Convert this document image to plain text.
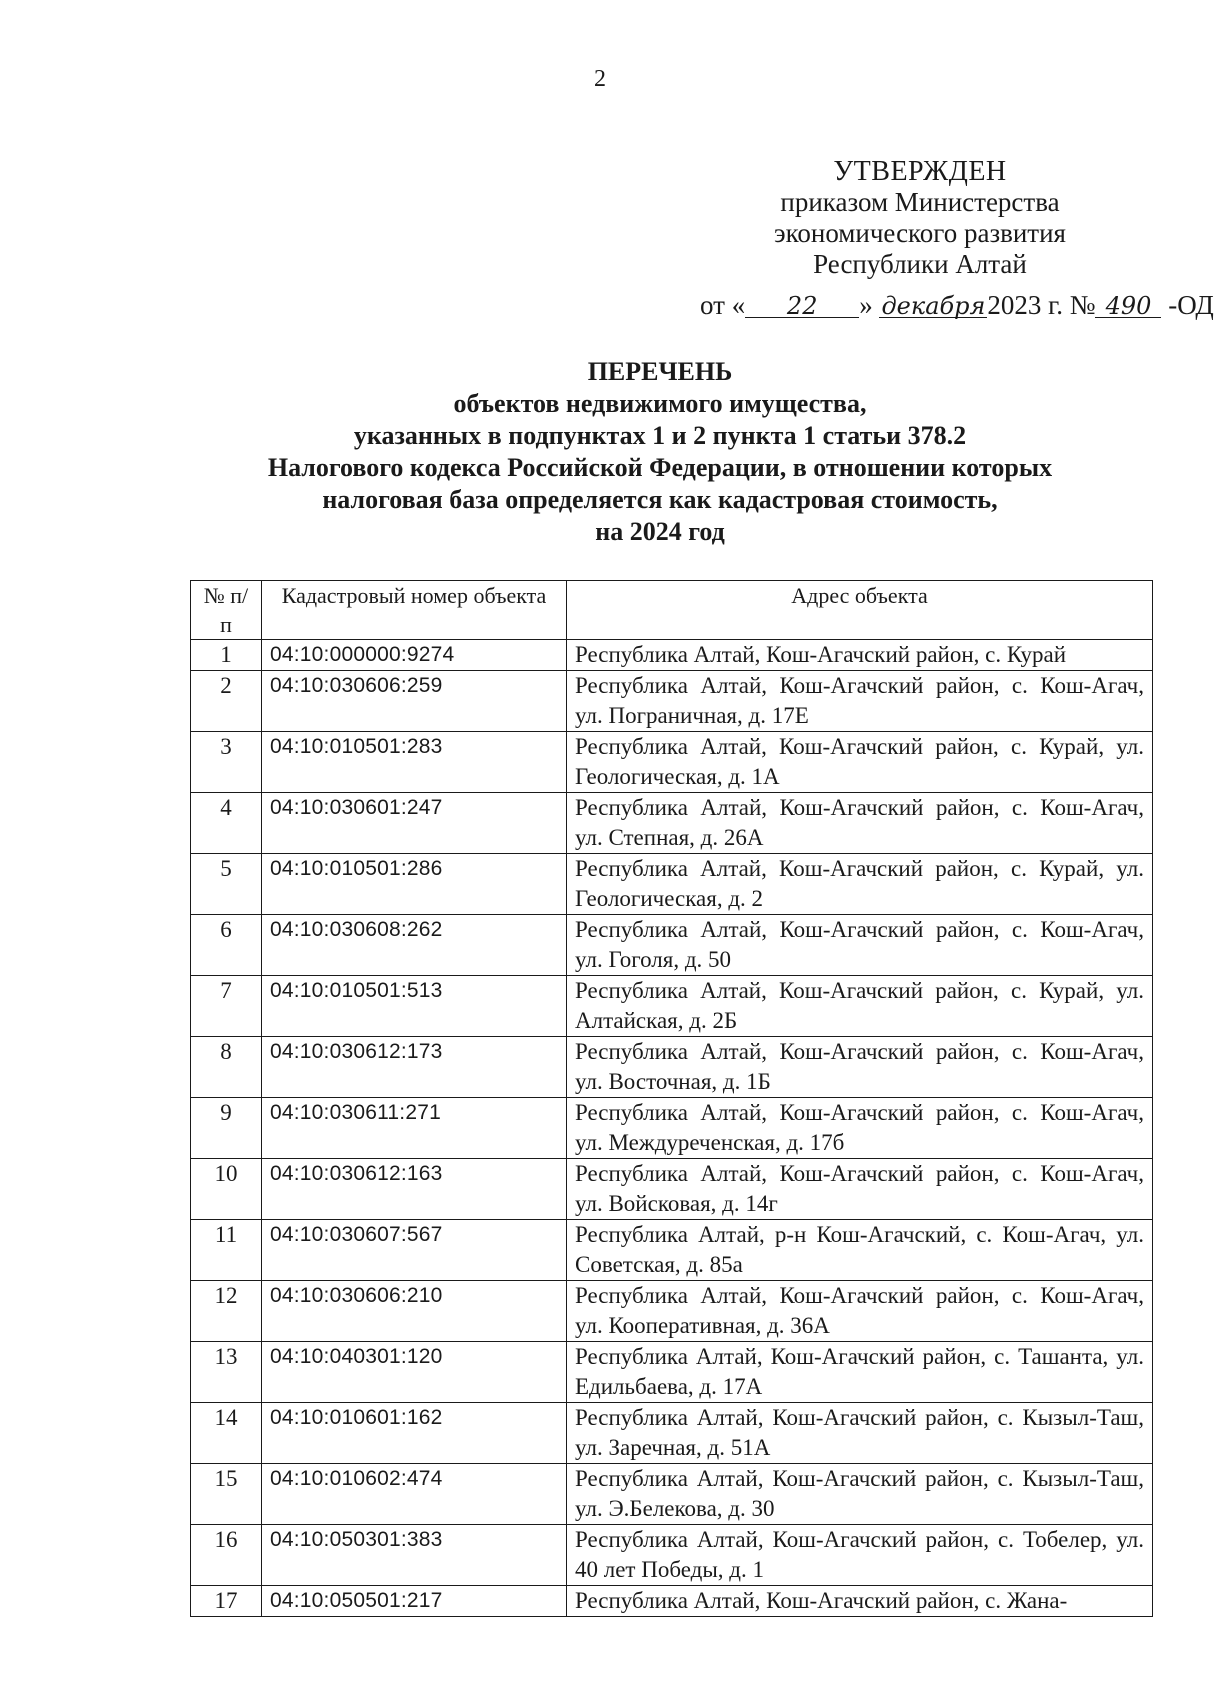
2
УТВЕРЖДЕН
приказом Министерства
экономического развития
Республики Алтай
от « 22 » декабря2023 г. № 490 -ОД
ПЕРЕЧЕНЬ
объектов недвижимого имущества,
указанных в подпунктах 1 и 2 пункта 1 статьи 378.2
Налогового кодекса Российской Федерации, в отношении которых
налоговая база определяется как кадастровая стоимость,
на 2024 год
№ п/п	Кадастровый номер объекта	Адрес объекта
1	04:10:000000:9274	Республика Алтай, Кош-Агачский район, с. Курай
2	04:10:030606:259	Республика Алтай, Кош-Агачский район, с. Кош-Агач, ул. Пограничная, д. 17Е
3	04:10:010501:283	Республика Алтай, Кош-Агачский район, с. Курай, ул. Геологическая, д. 1А
4	04:10:030601:247	Республика Алтай, Кош-Агачский район, с. Кош-Агач, ул. Степная, д. 26А
5	04:10:010501:286	Республика Алтай, Кош-Агачский район, с. Курай, ул. Геологическая, д. 2
6	04:10:030608:262	Республика Алтай, Кош-Агачский район, с. Кош-Агач, ул. Гоголя, д. 50
7	04:10:010501:513	Республика Алтай, Кош-Агачский район, с. Курай, ул. Алтайская, д. 2Б
8	04:10:030612:173	Республика Алтай, Кош-Агачский район, с. Кош-Агач, ул. Восточная, д. 1Б
9	04:10:030611:271	Республика Алтай, Кош-Агачский район, с. Кош-Агач, ул. Междуреченская, д. 17б
10	04:10:030612:163	Республика Алтай, Кош-Агачский район, с. Кош-Агач, ул. Войсковая, д. 14г
11	04:10:030607:567	Республика Алтай, р-н Кош-Агачский, с. Кош-Агач, ул. Советская, д. 85а
12	04:10:030606:210	Республика Алтай, Кош-Агачский район, с. Кош-Агач, ул. Кооперативная, д. 36А
13	04:10:040301:120	Республика Алтай, Кош-Агачский район, с. Ташанта, ул. Едильбаева, д. 17А
14	04:10:010601:162	Республика Алтай, Кош-Агачский район, с. Кызыл-Таш, ул. Заречная, д. 51А
15	04:10:010602:474	Республика Алтай, Кош-Агачский район, с. Кызыл-Таш, ул. Э.Белекова, д. 30
16	04:10:050301:383	Республика Алтай, Кош-Агачский район, с. Тобелер, ул. 40 лет Победы, д. 1
17	04:10:050501:217	Республика Алтай, Кош-Агачский район, с. Жана-
